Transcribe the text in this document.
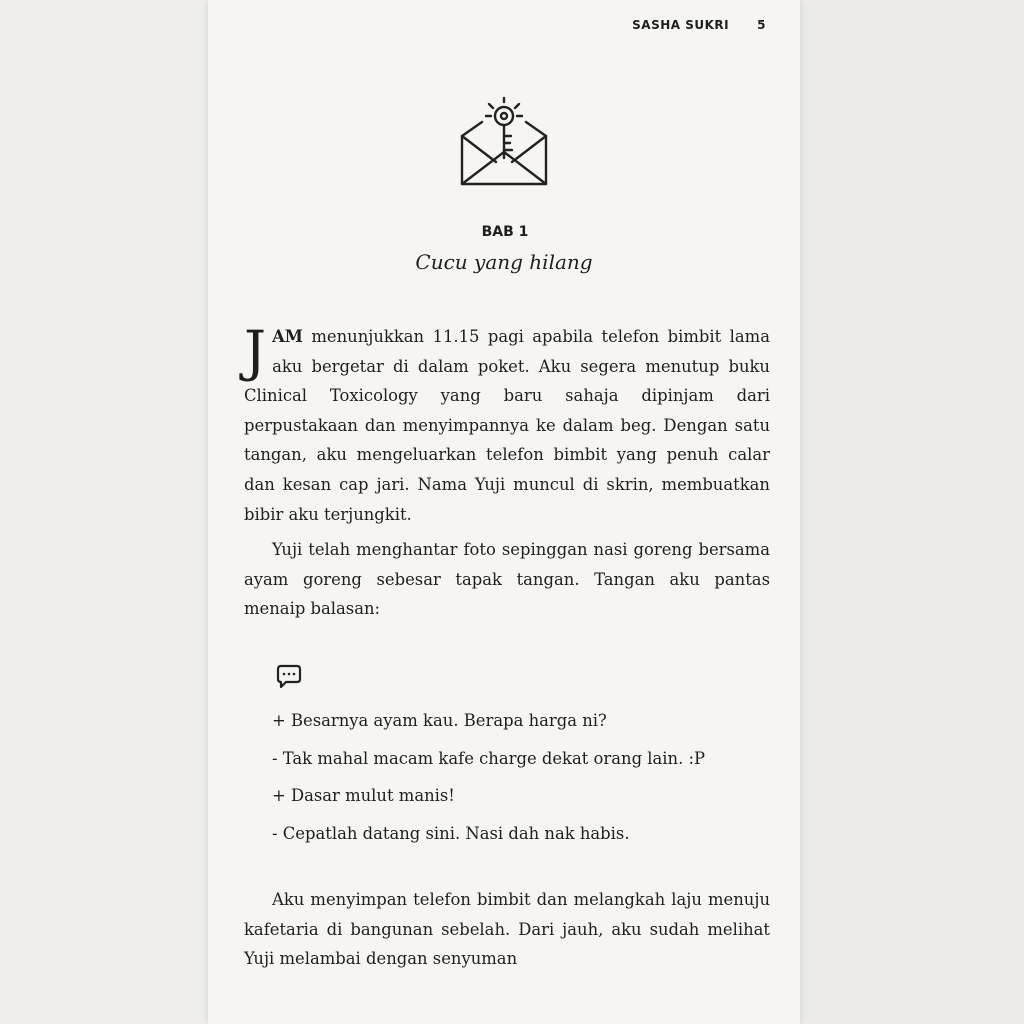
SASHA SUKRI 5
BAB 1
Cucu yang hilang

JAM menunjukkan 11.15 pagi apabila telefon bimbit lama aku bergetar di dalam poket. Aku segera menutup buku Clinical Toxicology yang baru sahaja dipinjam dari perpustakaan dan menyimpannya ke dalam beg. Dengan satu tangan, aku mengeluarkan telefon bimbit yang penuh calar dan kesan cap jari. Nama Yuji muncul di skrin, membuatkan bibir aku terjungkit.

Yuji telah menghantar foto sepinggan nasi goreng bersama ayam goreng sebesar tapak tangan. Tangan aku pantas menaip balasan:

+ Besarnya ayam kau. Berapa harga ni?
- Tak mahal macam kafe charge dekat orang lain. :P
+ Dasar mulut manis!
- Cepatlah datang sini. Nasi dah nak habis.

Aku menyimpan telefon bimbit dan melangkah laju menuju kafetaria di bangunan sebelah. Dari jauh, aku sudah melihat Yuji melambai dengan senyuman
